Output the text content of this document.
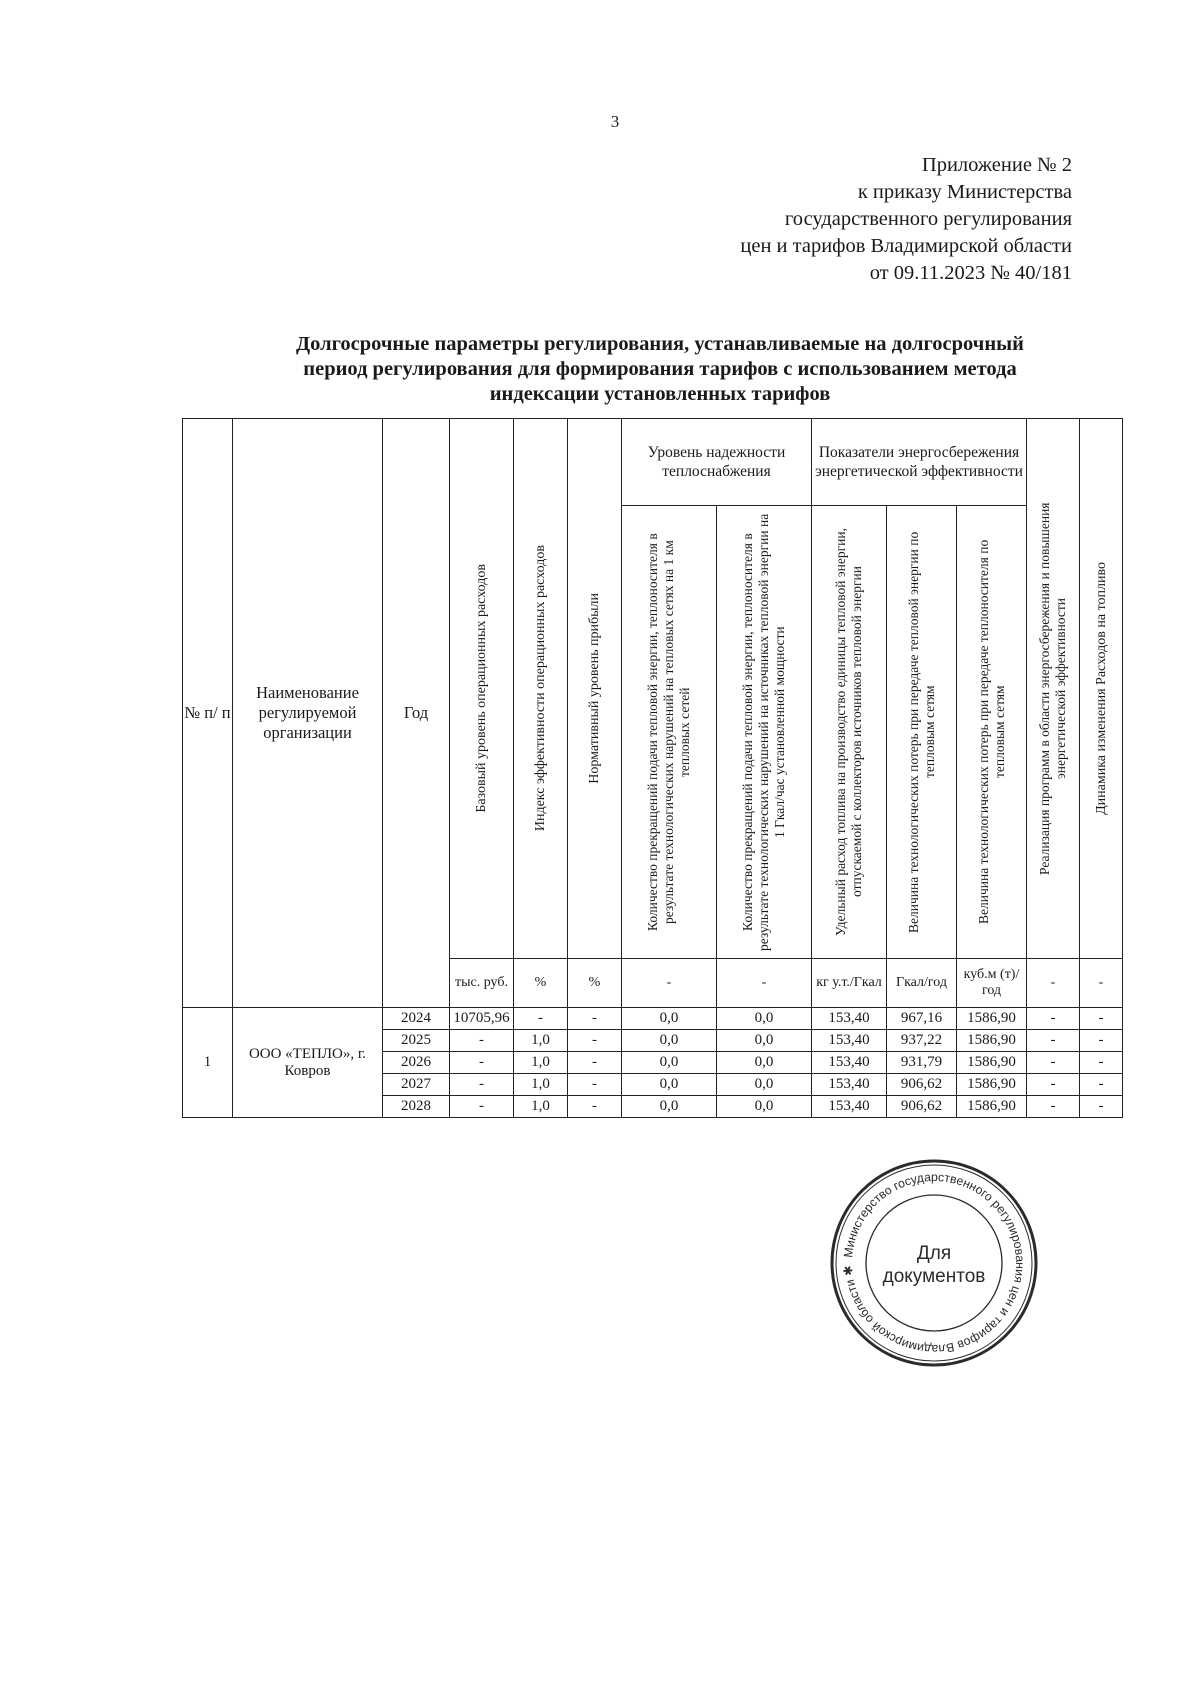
3
Приложение № 2
к приказу Министерства
государственного регулирования
цен и тарифов Владимирской области
от 09.11.2023 № 40/181
Долгосрочные параметры регулирования, устанавливаемые на долгосрочный
период регулирования для формирования тарифов с использованием метода
индексации установленных тарифов
№ п/ п	Наименование регулируемой организации	Год	Базовый уровень операционных расходов	Индекс эффективности операционных расходов	Нормативный уровень прибыли	Уровень надежности теплоснабжения		Показатели энергосбережения энергетической эффективности			Реализация программ в области энергосбережения и повышения энергетической эффективности	Динамика изменения Расходов на топливо

						Количество прекращений подачи тепловой энергии, теплоносителя в результате технологических нарушений на тепловых сетях на 1 км тепловых сетей	Количество прекращений подачи тепловой энергии, теплоносителя в результате технологических нарушений на источниках тепловой энергии на 1 Гкал/час установленной мощности	Удельный расход топлива на производство единицы тепловой энергии, отпускаемой с коллекторов источников тепловой энергии	Величина технологических потерь при передаче тепловой энергии по тепловым сетям	Величина технологических потерь при передаче теплоносителя по тепловым сетям		

			тыс. руб.	%	%	-	-	кг у.т./Гкал	Гкал/год	куб.м (т)/год	-	-
1	ООО «ТЕПЛО», г. Ковров	2024	10705,96	-	-	0,0	0,0	153,40	967,16	1586,90	-	-
		2025	-	1,0	-	0,0	0,0	153,40	937,22	1586,90	-	-
		2026	-	1,0	-	0,0	0,0	153,40	931,79	1586,90	-	-
		2027	-	1,0	-	0,0	0,0	153,40	906,62	1586,90	-	-
		2028	-	1,0	-	0,0	0,0	153,40	906,62	1586,90	-	-
Министерство государственного регулирования цен и тарифов Владимирской области ✱
Для
документов
